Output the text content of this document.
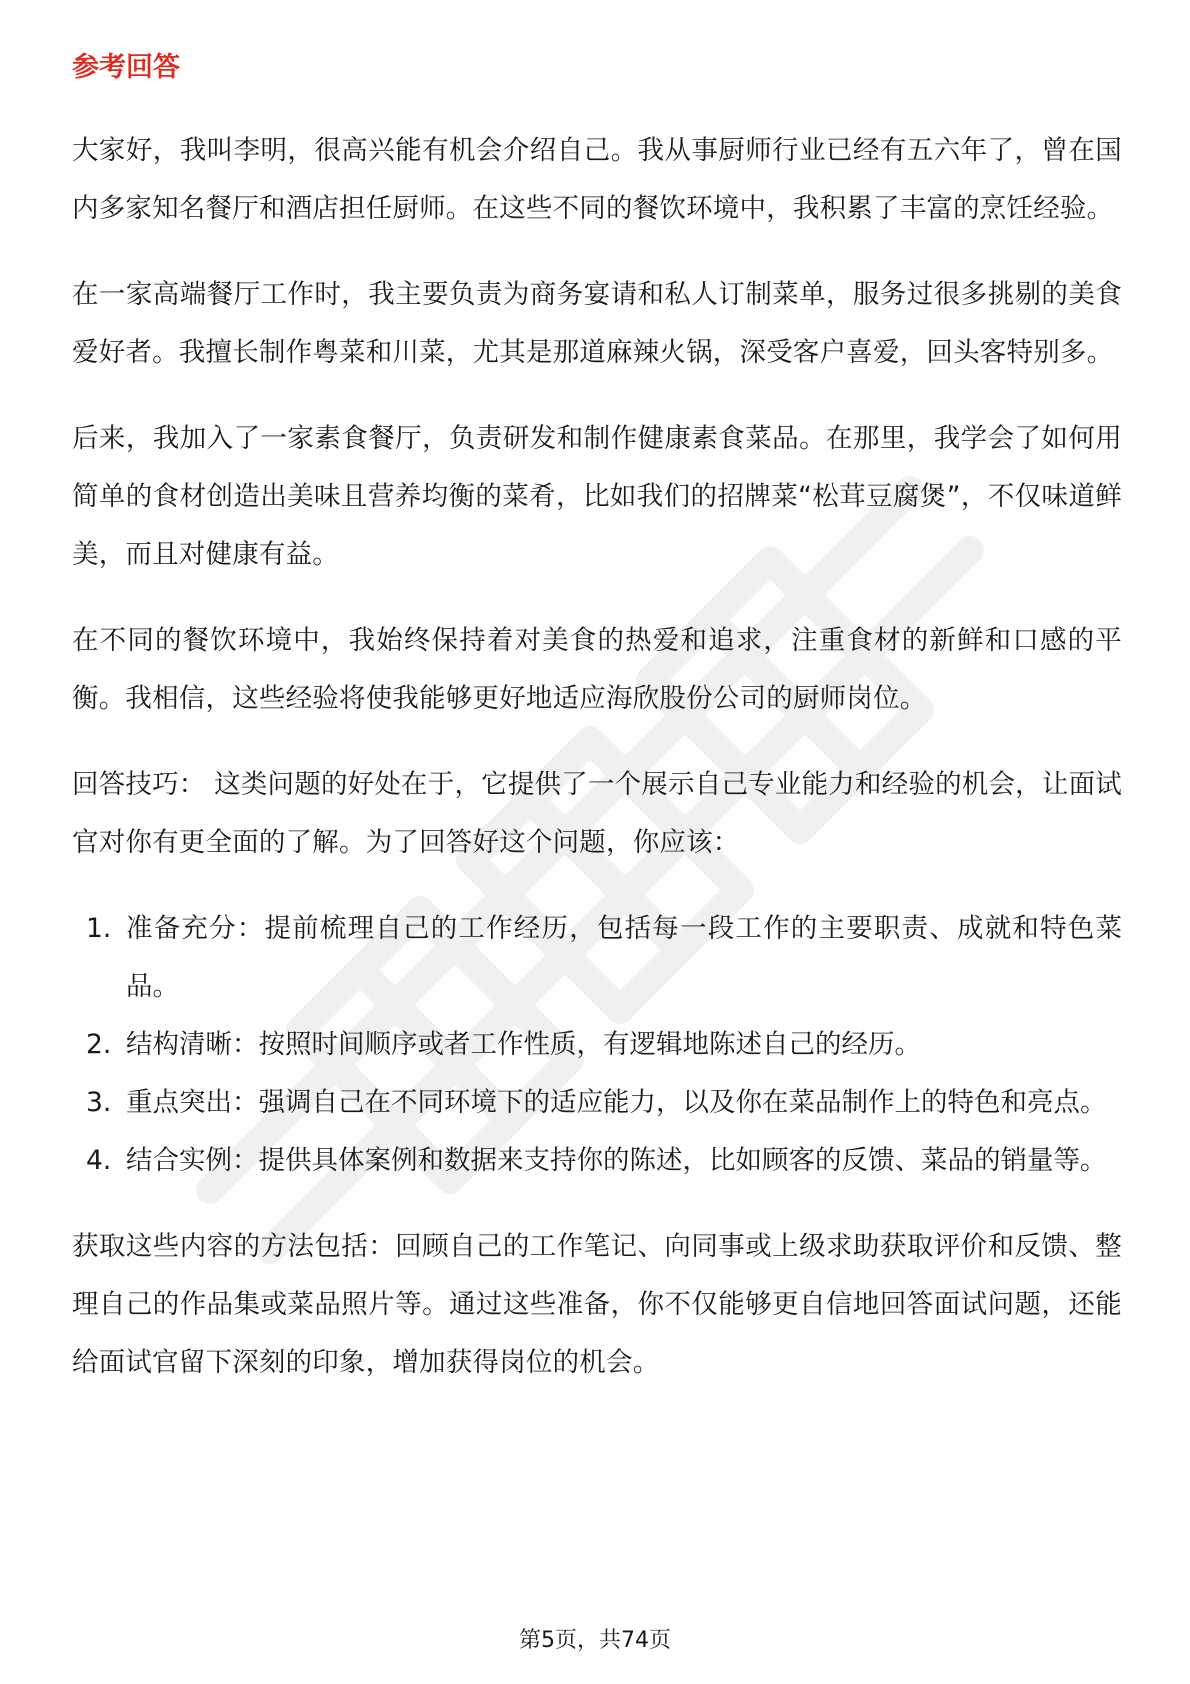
参考回答

大家好，我叫李明，很高兴能有机会介绍自己。我从事厨师行业已经有五六年了，曾在国内多家知名餐厅和酒店担任厨师。在这些不同的餐饮环境中，我积累了丰富的烹饪经验。

在一家高端餐厅工作时，我主要负责为商务宴请和私人订制菜单，服务过很多挑剔的美食爱好者。我擅长制作粤菜和川菜，尤其是那道麻辣火锅，深受客户喜爱，回头客特别多。

后来，我加入了一家素食餐厅，负责研发和制作健康素食菜品。在那里，我学会了如何用简单的食材创造出美味且营养均衡的菜肴，比如我们的招牌菜“松茸豆腐煲”，不仅味道鲜美，而且对健康有益。

在不同的餐饮环境中，我始终保持着对美食的热爱和追求，注重食材的新鲜和口感的平衡。我相信，这些经验将使我能够更好地适应海欣股份公司的厨师岗位。

回答技巧： 这类问题的好处在于，它提供了一个展示自己专业能力和经验的机会，让面试官对你有更全面的了解。为了回答好这个问题，你应该：

1. 准备充分：提前梳理自己的工作经历，包括每一段工作的主要职责、成就和特色菜品。
2. 结构清晰：按照时间顺序或者工作性质，有逻辑地陈述自己的经历。
3. 重点突出：强调自己在不同环境下的适应能力，以及你在菜品制作上的特色和亮点。
4. 结合实例：提供具体案例和数据来支持你的陈述，比如顾客的反馈、菜品的销量等。

获取这些内容的方法包括：回顾自己的工作笔记、向同事或上级求助获取评价和反馈、整理自己的作品集或菜品照片等。通过这些准备，你不仅能够更自信地回答面试问题，还能给面试官留下深刻的印象，增加获得岗位的机会。

第5页，共74页
